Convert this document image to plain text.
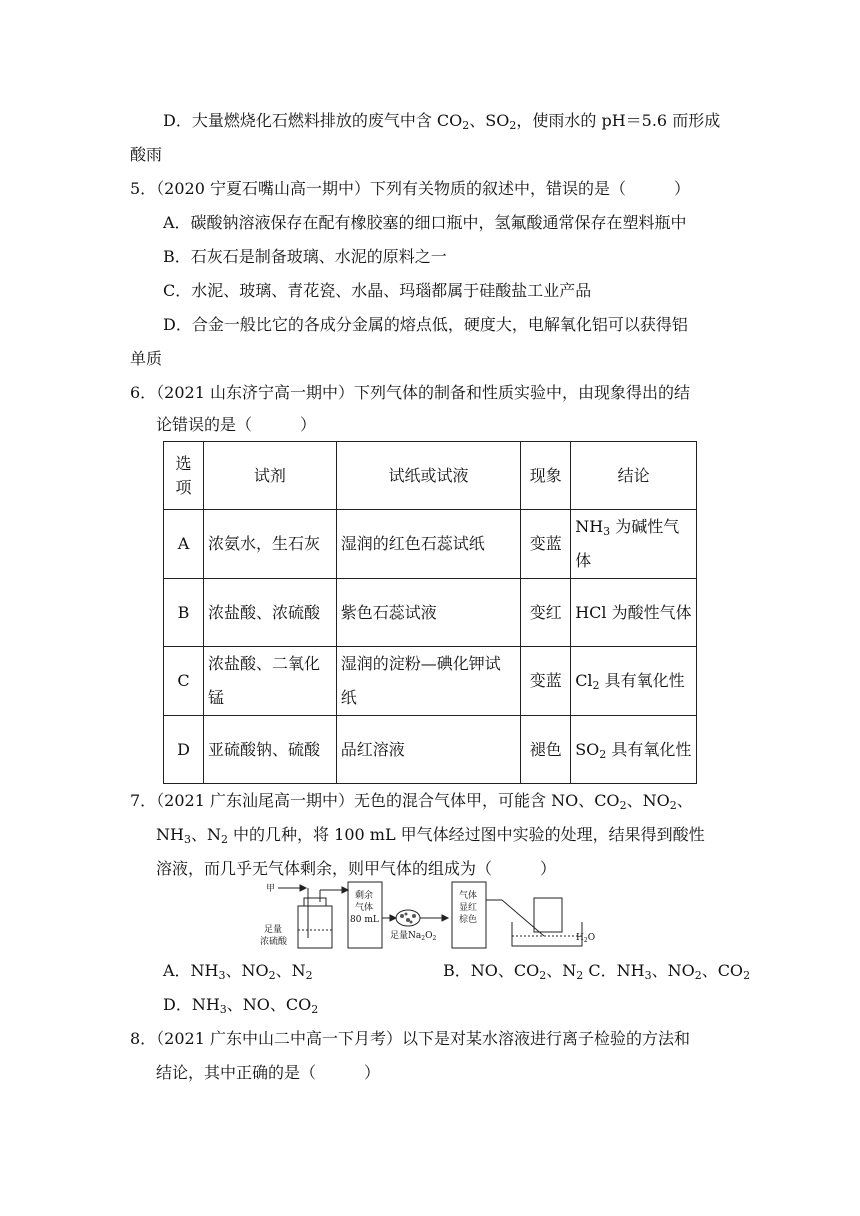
D．大量燃烧化石燃料排放的废气中含 $CO_2$、$SO_2$，使雨水的 pH＝5.6 而形成
酸雨
5．（2020 宁夏石嘴山高一期中）下列有关物质的叙述中，错误的是（　　　）
A．碳酸钠溶液保存在配有橡胶塞的细口瓶中，氢氟酸通常保存在塑料瓶中
B．石灰石是制备玻璃、水泥的原料之一
C．水泥、玻璃、青花瓷、水晶、玛瑙都属于硅酸盐工业产品
D．合金一般比它的各成分金属的熔点低，硬度大，电解氧化铝可以获得铝
单质
6．（2021 山东济宁高一期中）下列气体的制备和性质实验中，由现象得出的结
论错误的是（　　　）
选项	试剂	试纸或试液	现象	结论
A	浓氨水，生石灰	湿润的红色石蕊试纸	变蓝	$NH_3$ 为碱性气体
B	浓盐酸、浓硫酸	紫色石蕊试液	变红	HCl 为酸性气体
C	浓盐酸、二氧化锰	湿润的淀粉—碘化钾试纸	变蓝	$Cl_2$ 具有氧化性
D	亚硫酸钠、硫酸	品红溶液	褪色	$SO_2$ 具有氧化性
7．（2021 广东汕尾高一期中）无色的混合气体甲，可能含 NO、$CO_2$、$NO_2$、
$NH_3$、$N_2$ 中的几种，将 100 mL 甲气体经过图中实验的处理，结果得到酸性
溶液，而几乎无气体剩余，则甲气体的组成为（　　　）
甲
足量
浓硫酸
剩余
气体
80 mL
足量$Na_2O_2$
气体
显红
棕色
$H_2O$
A．$NH_3$、$NO_2$、$N_2$	B．NO、$CO_2$、$N_2$ C．$NH_3$、$NO_2$、$CO_2$
D．$NH_3$、NO、$CO_2$
8．（2021 广东中山二中高一下月考）以下是对某水溶液进行离子检验的方法和
结论，其中正确的是（　　　）
